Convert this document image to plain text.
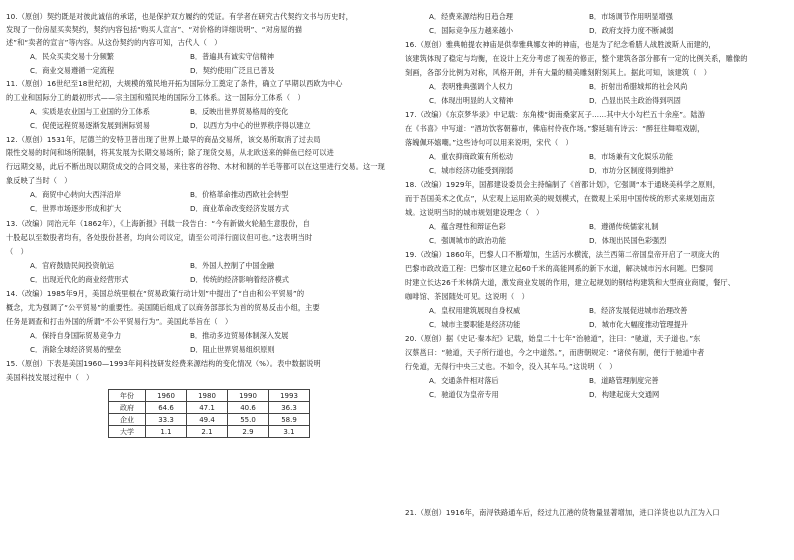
10.（原创）契约既是对彼此诚信的承诺，也是保护双方履约的凭证。有学者在研究古代契约文书与历史时，
发现了一份房屋买卖契约，契约内容包括“购买人宣言”、“对价格的详细说明”、“对房屋的描
述”和“卖者的宣言”等内容。从这份契约的内容可知，古代人（　）
A．民众买卖交易十分频繁	B．普遍具有诚实守信精神
C．商业交易遵循一定流程	D．契约使用广泛且已普及
11.（原创）16世纪至18世纪初，大规模的殖民地开拓为国际分工奠定了条件，确立了早期以西欧为中心
的工业和国际分工的最初形式——宗主国和殖民地的国际分工体系。这一国际分工体系（　）
A．实质是农业国与工业国的分工体系	B．反映出世界贸易格局的变化
C．促使远程贸易逐渐发展到洲际贸易	D．以西方为中心的世界秩序得以建立
12.（原创）1531年，尼德兰的安特卫普出现了世界上最早的商品交易所，该交易所取消了过去局
限性交易的时间和场所限制，将其发展为长期交易场所；除了现货交易，从北欧送来的鲜鱼已经可以进
行远期交易，此后不断出现以期货成交的合同交易，来往客的谷物、木材和制的羊毛等都可以在这里进行交易。这一现
象反映了当时（　）
A．商贸中心转向大西洋沿岸	B．价格革命推动西欧社会转型
C．世界市场逐步形成和扩大	D．商业革命改变经济发展方式
13.（改编）同治元年（1862年），《上海新报》刊载一段告白：“今有新做火轮船生意股份，自
十股起以至数股者均有，各处股份甚者，均向公司议定，请至公司洋行面议但可也。”这表明当时
（　）
A．官府鼓励民间投资航运	B．外国人控制了中国金融
C．出现近代化的商业经营形式	D．传统的经济影响着经济模式
14.（改编）1985年9月，美国总统里根在“贸易政策行动计划”中提出了“自由和公平贸易”的
概念，尤为强调了“公平贸易”的重要性。美国随后组成了以商务部部长为首的贸易反击小组，主要
任务是调查和打击外国的所谓“不公平贸易行为”。美国此举旨在（　）
A．保持自身国际贸易竞争力	B．推动多边贸易体制深入发展
C．消除全球经济贸易的壁垒	D．阻止世界贸易组织原则
15.（原创）下表是美国1960—1993年间科技研发经费来源结构的变化情况（%）。表中数据说明
美国科技发展过程中（　）
年份	1960	1980	1990	1993
政府	64.6	47.1	40.6	36.3
企业	33.3	49.4	55.0	58.9
大学	1.1	2.1	2.9	3.1
A．经费来源结构日趋合理	B．市场调节作用明显增强
C．国际竞争压力越来越小	D．政府支持力度不断减弱
16.（原创）雅典帕提农神庙是供奉雅典娜女神的神庙，也是为了纪念希腊人战胜波斯人而建的，
该建筑体现了稳定与均衡，在设计上充分考虑了视差的修正，整个建筑各部分都有一定的比例关系，雕像的
刻画，各部分比例为对称，风格开朗，并有大量的精美雕刻附刻其上。据此可知，该建筑（　）
A．表明雅典强调个人权力	B．折射出希腊城邦的社会风尚
C．体现出明显的人文精神	D．凸显出民主政治得到巩固
17.（改编）《东京梦华录》中记载：东角楼“街南桑家瓦子……其中大小勾栏五十余座”。陆游
在《书喜》中写道：“酒坊饮客朝暮市，佛庙村伶夜作场。”黎延瑞有诗云：“醉狂往舞喧戏剧，
落魄佩环嬉嘲。”这些诗句可以用来说明，宋代（　）
A．重农抑商政策有所松动	B．市场兼有文化娱乐功能
C．城市经济功能受到削弱	D．市坊分区制度得到维护
18.（改编）1929年，国都建设委员会主持编制了《首都计划》，它强调“本于通晓美科学之原则，
而于吾国美术之优点”，从宏观上运用欧美的规划模式，在微观上采用中国传统的形式来规划南京
城。这说明当时的城市规划建设理念（　）
A．蕴含理性和辩证色彩	B．遵循传统儒家礼制
C．强调城市的政治功能	D．体现出民国色彩强烈
19.（改编）1860年，巴黎人口不断增加，生活污水横流，法兰西第二帝国皇帝开启了一项庞大的
巴黎市政改造工程：巴黎市区建立起60千米的高能网系的新下水道，解决城市污水问题。巴黎同
时建立长达26千米林荫大道，激发商业发展的作用，建立起规划的钢结构建筑和大型商业商厦，餐厅、
咖啡馆、茶园随处可见。这说明（　）
A．皇权用建筑展现自身权威	B．经济发展促进城市治理改善
C．城市主要职能是经济功能	D．城市化大幅度推动管理提升
20.（原创）据《史记·秦本纪》记载，始皇二十七年“治驰道”，注曰：“驰道，天子道也。”东
汉蔡邕曰：“驰道，天子所行道也，今之中道然。”，而唐朝规定：“诸侯有制，便行于驰道中者
行免道，无得行中央三丈也。不如令，没入其车马。”这说明（　）
A．交通条件相对落后	B．道路管理制度完善
C．驰道仅为皇帝专用	D．构建起庞大交通网
21.（原创）1916年，南浔铁路通车后，经过九江港的货物量显著增加，进口洋货也以九江为入口
